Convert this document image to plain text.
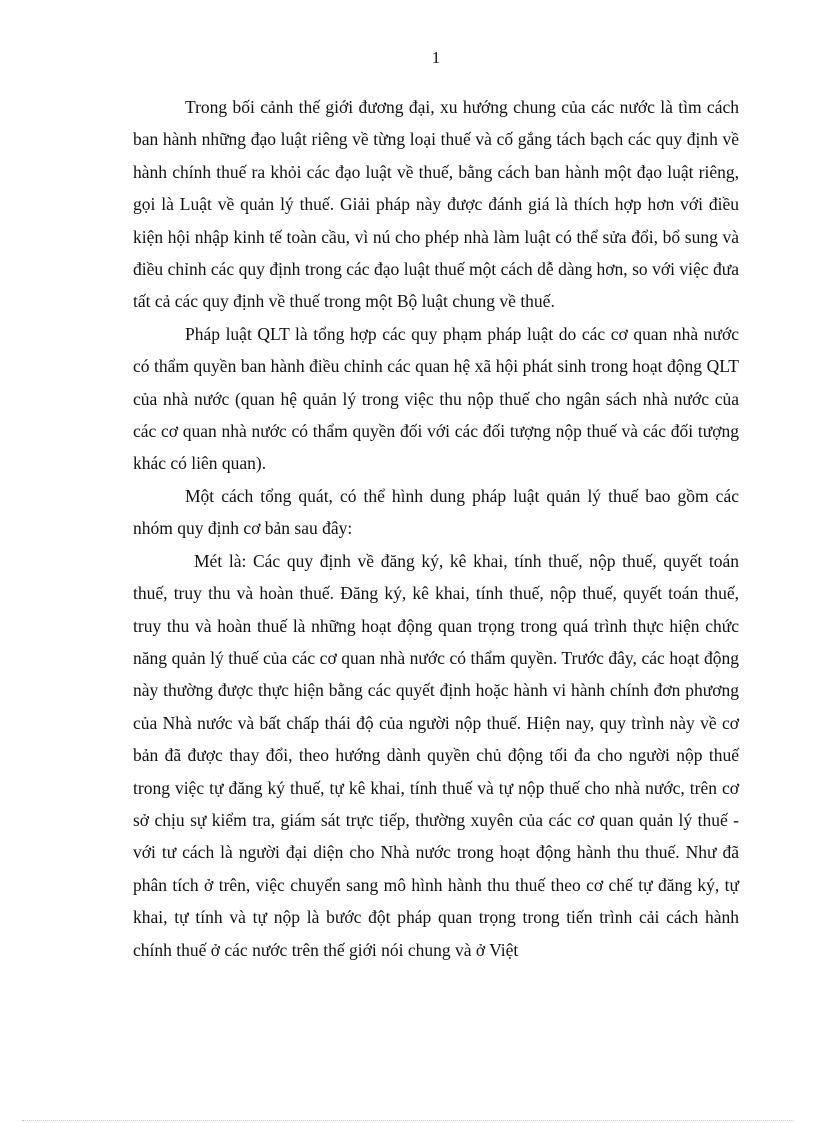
1

Trong bối cảnh thế giới đương đại, xu hướng chung của các nước là tìm cách ban hành những đạo luật riêng về từng loại thuế và cố gắng tách bạch các quy định về hành chính thuế ra khỏi các đạo luật về thuế, bằng cách ban hành một đạo luật riêng, gọi là Luật về quản lý thuế. Giải pháp này được đánh giá là thích hợp hơn với điều kiện hội nhập kinh tế toàn cầu, vì nú cho phép nhà làm luật có thể sửa đổi, bổ sung và điều chỉnh các quy định trong các đạo luật thuế một cách dễ dàng hơn, so với việc đưa tất cả các quy định về thuế trong một Bộ luật chung về thuế.

Pháp luật QLT là tổng hợp các quy phạm pháp luật do các cơ quan nhà nước có thẩm quyền ban hành điều chỉnh các quan hệ xã hội phát sinh trong hoạt động QLT của nhà nước (quan hệ quản lý trong việc thu nộp thuế cho ngân sách nhà nước của các cơ quan nhà nước có thẩm quyền đối với các đối tượng nộp thuế và các đối tượng khác có liên quan).

Một cách tổng quát, có thể hình dung pháp luật quản lý thuế bao gồm các nhóm quy định cơ bản sau đây:

Mét là: Các quy định về đăng ký, kê khai, tính thuế, nộp thuế, quyết toán thuế, truy thu và hoàn thuế. Đăng ký, kê khai, tính thuế, nộp thuế, quyết toán thuế, truy thu và hoàn thuế là những hoạt động quan trọng trong quá trình thực hiện chức năng quản lý thuế của các cơ quan nhà nước có thẩm quyền. Trước đây, các hoạt động này thường được thực hiện bằng các quyết định hoặc hành vi hành chính đơn phương của Nhà nước và bất chấp thái độ của người nộp thuế. Hiện nay, quy trình này về cơ bản đã được thay đổi, theo hướng dành quyền chủ động tối đa cho người nộp thuế trong việc tự đăng ký thuế, tự kê khai, tính thuế và tự nộp thuế cho nhà nước, trên cơ sở chịu sự kiểm tra, giám sát trực tiếp, thường xuyên của các cơ quan quản lý thuế - với tư cách là người đại diện cho Nhà nước trong hoạt động hành thu thuế. Như đã phân tích ở trên, việc chuyển sang mô hình hành thu thuế theo cơ chế tự đăng ký, tự khai, tự tính và tự nộp là bước đột pháp quan trọng trong tiến trình cải cách hành chính thuế ở các nước trên thế giới nói chung và ở Việt
